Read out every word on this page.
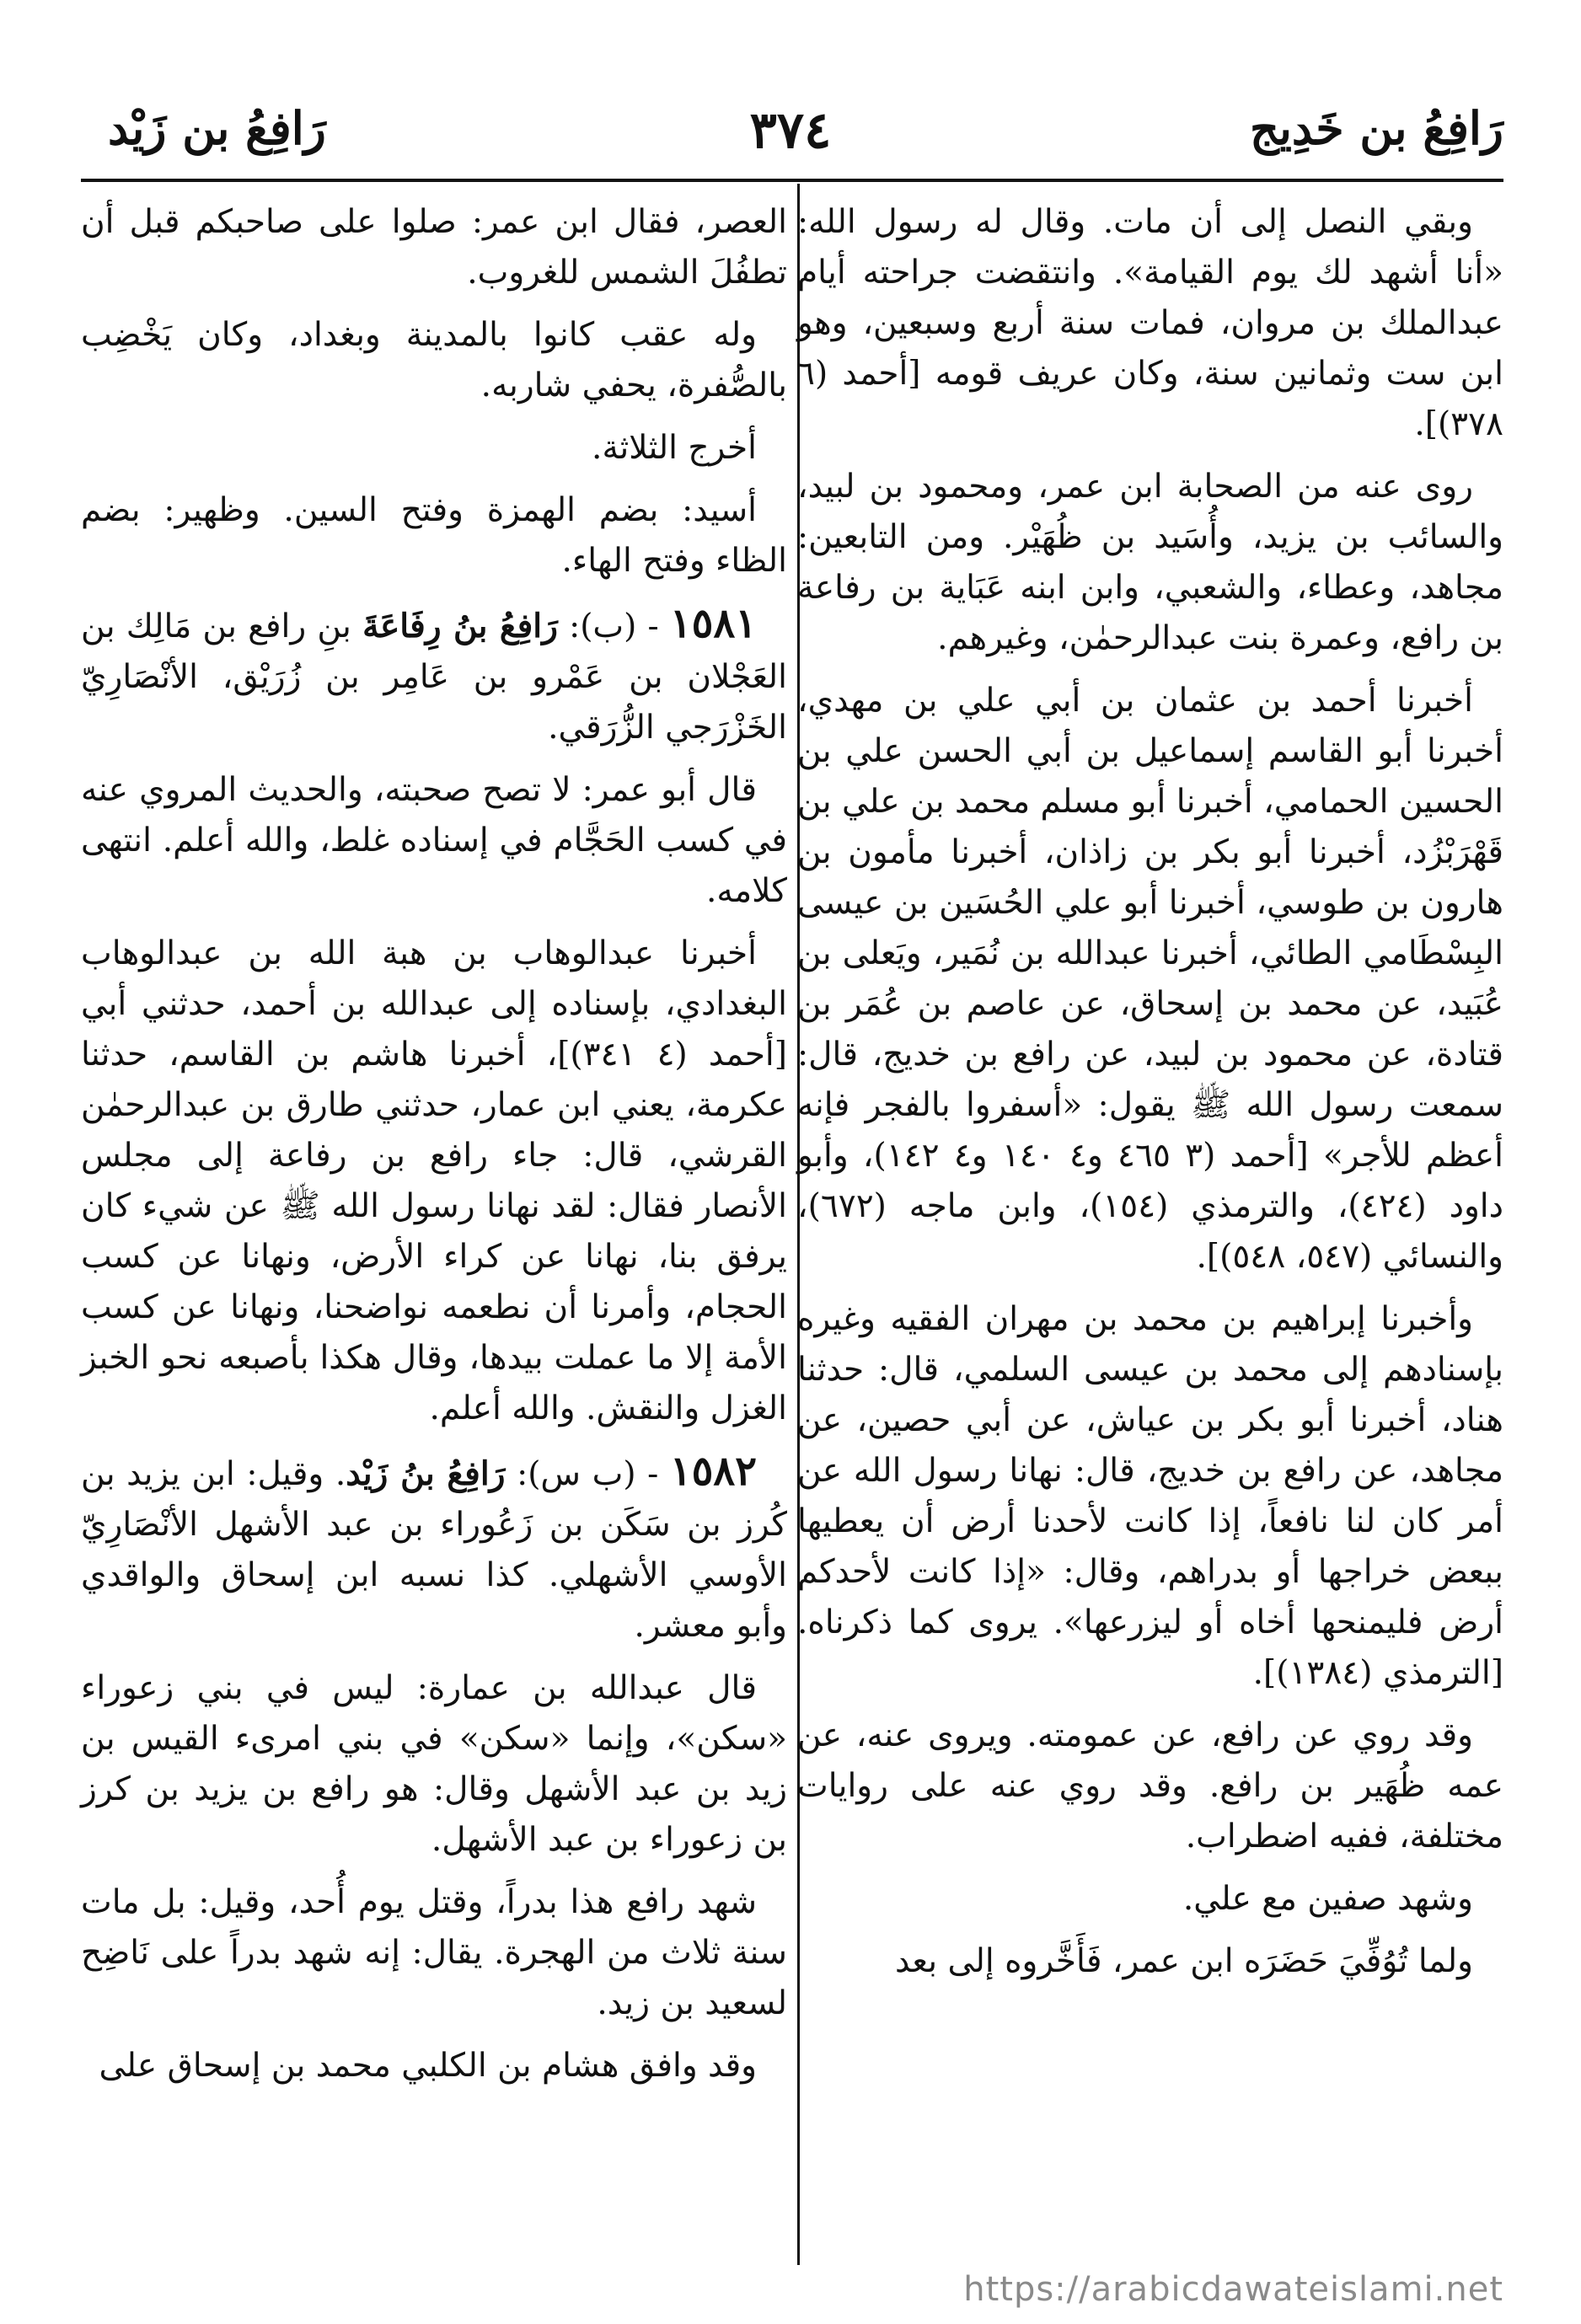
رَافِعُ بن خَدِيج
٣٧٤
رَافِعُ بن زَيْد

وبقي النصل إلى أن مات. وقال له رسول الله: «أنا أشهد لك يوم القيامة». وانتقضت جراحته أيام عبدالملك بن مروان، فمات سنة أربع وسبعين، وهو ابن ست وثمانين سنة، وكان عريف قومه [أحمد (٦ ٣٧٨)].

روى عنه من الصحابة ابن عمر، ومحمود بن لبيد، والسائب بن يزيد، وأُسَيد بن ظُهَيْر. ومن التابعين: مجاهد، وعطاء، والشعبي، وابن ابنه عَبَاية بن رفاعة بن رافع، وعمرة بنت عبدالرحمٰن، وغيرهم.

أخبرنا أحمد بن عثمان بن أبي علي بن مهدي، أخبرنا أبو القاسم إسماعيل بن أبي الحسن علي بن الحسين الحمامي، أخبرنا أبو مسلم محمد بن علي بن قَهْرَبْزُد، أخبرنا أبو بكر بن زاذان، أخبرنا مأمون بن هارون بن طوسي، أخبرنا أبو علي الحُسَين بن عيسى البِسْطَامي الطائي، أخبرنا عبدالله بن نُمَير، ويَعلى بن عُبَيد، عن محمد بن إسحاق، عن عاصم بن عُمَر بن قتادة، عن محمود بن لبيد، عن رافع بن خديج، قال: سمعت رسول الله ﷺ يقول: «أسفروا بالفجر فإنه أعظم للأجر» [أحمد (٣ ٤٦٥ و٤ ١٤٠ و٤ ١٤٢)، وأبو داود (٤٢٤)، والترمذي (١٥٤)، وابن ماجه (٦٧٢)، والنسائي (٥٤٧، ٥٤٨)].

وأخبرنا إبراهيم بن محمد بن مهران الفقيه وغيره بإسنادهم إلى محمد بن عيسى السلمي، قال: حدثنا هناد، أخبرنا أبو بكر بن عياش، عن أبي حصين، عن مجاهد، عن رافع بن خديج، قال: نهانا رسول الله عن أمر كان لنا نافعاً، إذا كانت لأحدنا أرض أن يعطيها ببعض خراجها أو بدراهم، وقال: «إذا كانت لأحدكم أرض فليمنحها أخاه أو ليزرعها». يروى كما ذكرناه. [الترمذي (١٣٨٤)].

وقد روي عن رافع، عن عمومته. ويروى عنه، عن عمه ظُهَير بن رافع. وقد روي عنه على روايات مختلفة، ففيه اضطراب.

وشهد صفين مع علي.

ولما تُوُفِّيَ حَضَرَه ابن عمر، فَأَخَّروه إلى بعد

العصر، فقال ابن عمر: صلوا على صاحبكم قبل أن تطفُلَ الشمس للغروب.

وله عقب كانوا بالمدينة وبغداد، وكان يَخْضِب بالصُّفرة، يحفي شاربه.

أخرج الثلاثة.

أسيد: بضم الهمزة وفتح السين. وظهير: بضم الظاء وفتح الهاء.

١٥٨١ - (ب): رَافِعُ بنُ رِفَاعَةَ بنِ رافع بن مَالِك بن العَجْلان بن عَمْرو بن عَامِر بن زُرَيْق، الأنْصَارِيّ الخَزْرَجي الزُّرَقي.

قال أبو عمر: لا تصح صحبته، والحديث المروي عنه في كسب الحَجَّام في إسناده غلط، والله أعلم. انتهى كلامه.

أخبرنا عبدالوهاب بن هبة الله بن عبدالوهاب البغدادي، بإسناده إلى عبدالله بن أحمد، حدثني أبي [أحمد (٤ ٣٤١)]، أخبرنا هاشم بن القاسم، حدثنا عكرمة، يعني ابن عمار، حدثني طارق بن عبدالرحمٰن القرشي، قال: جاء رافع بن رفاعة إلى مجلس الأنصار فقال: لقد نهانا رسول الله ﷺ عن شيء كان يرفق بنا، نهانا عن كراء الأرض، ونهانا عن كسب الحجام، وأمرنا أن نطعمه نواضحنا، ونهانا عن كسب الأمة إلا ما عملت بيدها، وقال هكذا بأصبعه نحو الخبز الغزل والنقش. والله أعلم.

١٥٨٢ - (ب س): رَافِعُ بنُ زَيْد. وقيل: ابن يزيد بن كُرز بن سَكَن بن زَعُوراء بن عبد الأشهل الأنْصَارِيّ الأوسي الأشهلي. كذا نسبه ابن إسحاق والواقدي وأبو معشر.

قال عبدالله بن عمارة: ليس في بني زعوراء «سكن»، وإنما «سكن» في بني امرىء القيس بن زيد بن عبد الأشهل وقال: هو رافع بن يزيد بن كرز بن زعوراء بن عبد الأشهل.

شهد رافع هذا بدراً، وقتل يوم أُحد، وقيل: بل مات سنة ثلاث من الهجرة. يقال: إنه شهد بدراً على نَاضِح لسعيد بن زيد.

وقد وافق هشام بن الكلبي محمد بن إسحاق على

https://arabicdawateislami.net
